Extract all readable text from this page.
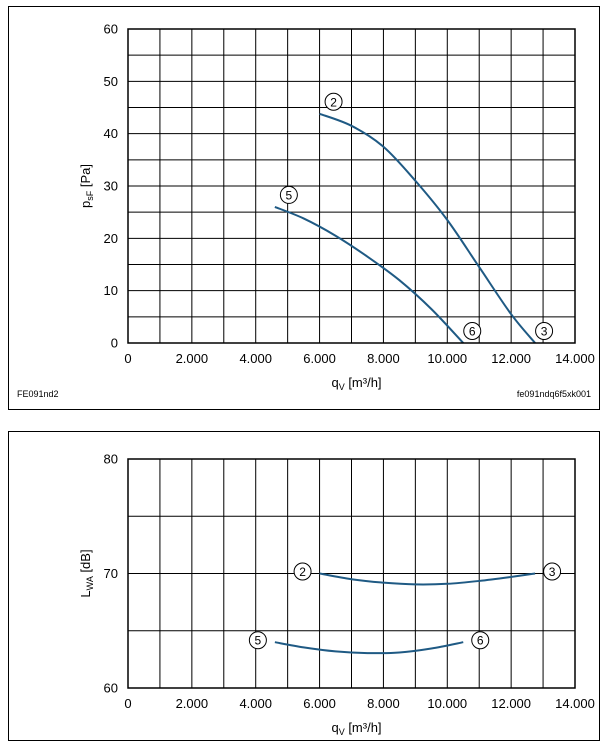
0	2.000 4.000 6.000 8.000 10.000 12.000 14.000
0
10
20
30
40
50
60
$q_V$ [m³/h]
$p_{sF}$ [Pa]
2
3
5
6
FE091nd2	fe091ndq6f5xk001
0	2.000 4.000 6.000 8.000 10.000 12.000 14.000
60
70
80
$q_V$ [m³/h]
$L_{WA}$ [dB]	2	3
5	6
